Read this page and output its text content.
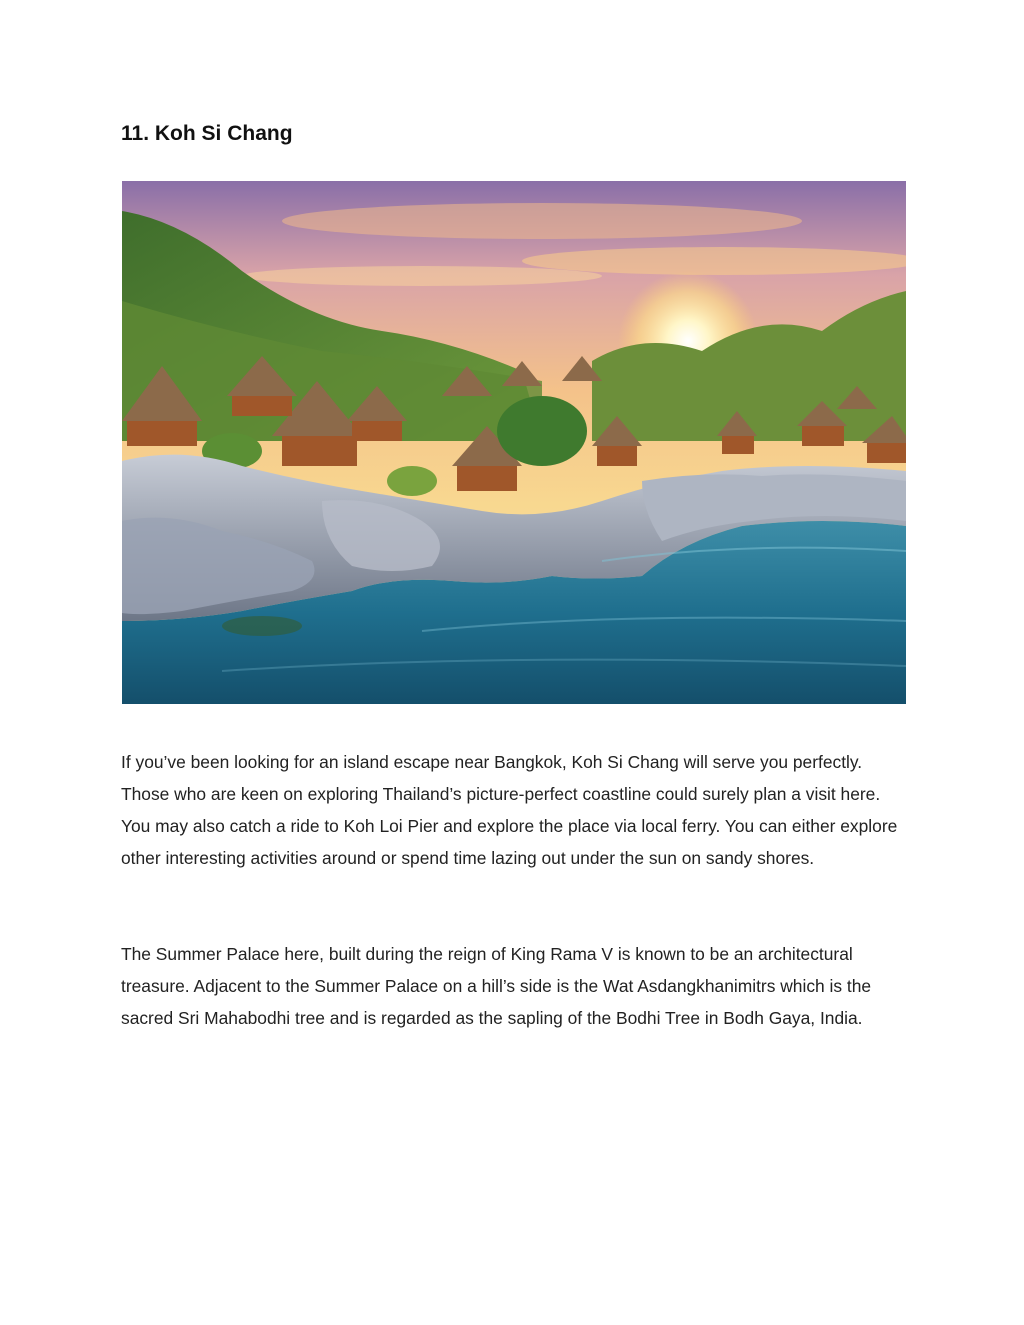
11. Koh Si Chang

If you’ve been looking for an island escape near Bangkok, Koh Si Chang will serve you perfectly. Those who are keen on exploring Thailand’s picture-perfect coastline could surely plan a visit here. You may also catch a ride to Koh Loi Pier and explore the place via local ferry. You can either explore other interesting activities around or spend time lazing out under the sun on sandy shores.

The Summer Palace here, built during the reign of King Rama V is known to be an architectural treasure. Adjacent to the Summer Palace on a hill’s side is the Wat Asdangkhanimitrs which is the sacred Sri Mahabodhi tree and is regarded as the sapling of the Bodhi Tree in Bodh Gaya, India.
